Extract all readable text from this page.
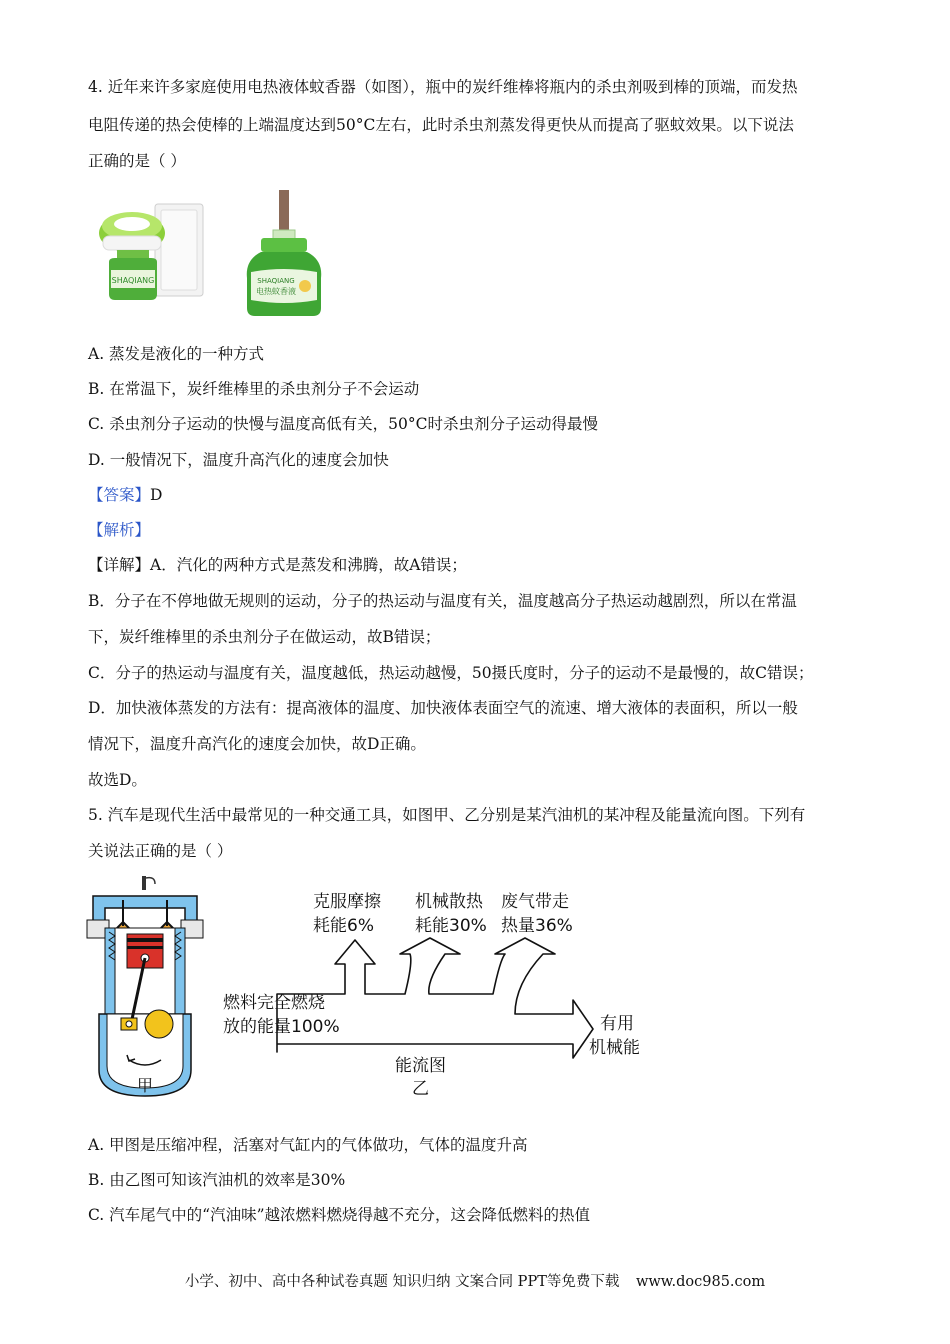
4. 近年来许多家庭使用电热液体蚊香器（如图），瓶中的炭纤维棒将瓶内的杀虫剂吸到棒的顶端，而发热
电阻传递的热会使棒的上端温度达到50°C左右，此时杀虫剂蒸发得更快从而提高了驱蚊效果。以下说法
正确的是（ ）
SHAQIANG	SHAQIANG
电热蚊香液
A. 蒸发是液化的一种方式
B. 在常温下，炭纤维棒里的杀虫剂分子不会运动
C. 杀虫剂分子运动的快慢与温度高低有关，50°C时杀虫剂分子运动得最慢
D. 一般情况下，温度升高汽化的速度会加快
【答案】D
【解析】
【详解】A．汽化的两种方式是蒸发和沸腾，故A错误；
B．分子在不停地做无规则的运动，分子的热运动与温度有关，温度越高分子热运动越剧烈，所以在常温
下，炭纤维棒里的杀虫剂分子在做运动，故B错误；
C．分子的热运动与温度有关，温度越低，热运动越慢，50摄氏度时，分子的运动不是最慢的，故C错误；
D．加快液体蒸发的方法有：提高液体的温度、加快液体表面空气的流速、增大液体的表面积，所以一般
情况下，温度升高汽化的速度会加快，故D正确。
故选D。
5. 汽车是现代生活中最常见的一种交通工具，如图甲、乙分别是某汽油机的某冲程及能量流向图。下列有
关说法正确的是（ ）
甲
克服摩擦
耗能6%
机械散热
耗能30%
废气带走
热量36%
燃料完全燃烧
放的能量100%	有用
机械能
能流图
乙
A. 甲图是压缩冲程，活塞对气缸内的气体做功，气体的温度升高
B. 由乙图可知该汽油机的效率是30%
C. 汽车尾气中的“汽油味”越浓燃料燃烧得越不充分，这会降低燃料的热值
小学、初中、高中各种试卷真题 知识归纳 文案合同 PPT等免费下载 www.doc985.com
